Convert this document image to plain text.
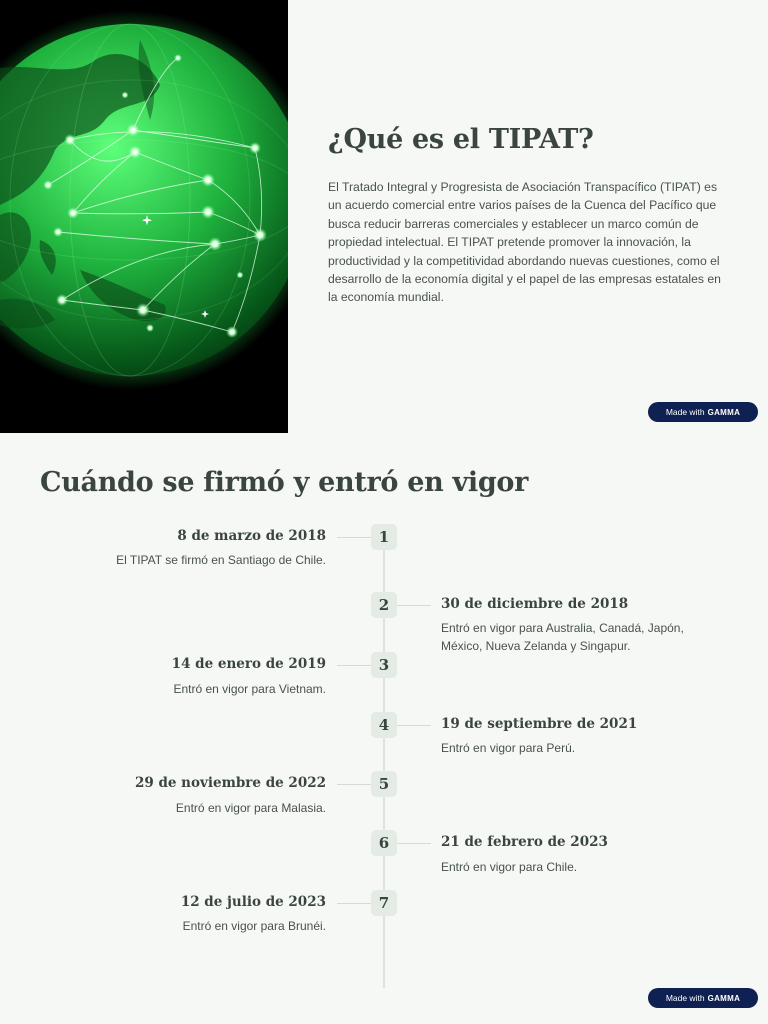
¿Qué es el TIPAT?

El Tratado Integral y Progresista de Asociación Transpacífico (TIPAT) es un acuerdo comercial entre varios países de la Cuenca del Pacífico que busca reducir barreras comerciales y establecer un marco común de propiedad intelectual. El TIPAT pretende promover la innovación, la productividad y la competitividad abordando nuevas cuestiones, como el desarrollo de la economía digital y el papel de las empresas estatales en la economía mundial.

Made with GAMMA
Cuándo se firmó y entró en vigor
1
8 de marzo de 2018
El TIPAT se firmó en Santiago de Chile.
2	30 de diciembre de 2018
Entró en vigor para Australia, Canadá, Japón, México, Nueva Zelanda y Singapur.
3
14 de enero de 2019
Entró en vigor para Vietnam.
4	19 de septiembre de 2021
Entró en vigor para Perú.
5
29 de noviembre de 2022
Entró en vigor para Malasia.
6	21 de febrero de 2023
Entró en vigor para Chile.
7
12 de julio de 2023
Entró en vigor para Brunéi.
Made with GAMMA
